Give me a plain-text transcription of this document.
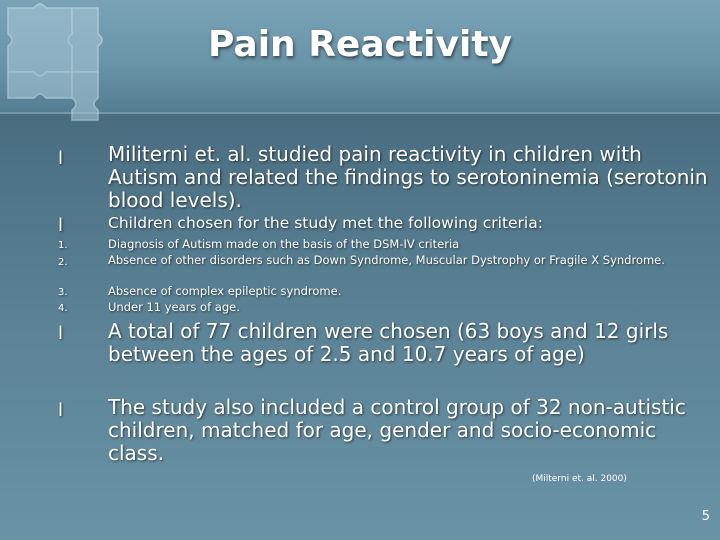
Pain Reactivity
l Militerni et. al. studied pain reactivity in children with Autism and related the findings to serotoninemia (serotonin blood levels).
l	Children chosen for the study met the following criteria:
1.	Diagnosis of Autism made on the basis of the DSM-IV criteria
2.	Absence of other disorders such as Down Syndrome, Muscular Dystrophy or Fragile X Syndrome.
3.	Absence of complex epileptic syndrome.
4.	Under 11 years of age.
l A total of 77 children were chosen (63 boys and 12 girls between the ages of 2.5 and 10.7 years of age)
l The study also included a control group of 32 non-autistic children, matched for age, gender and socio-economic class.
(Milterni et. al. 2000)
5
